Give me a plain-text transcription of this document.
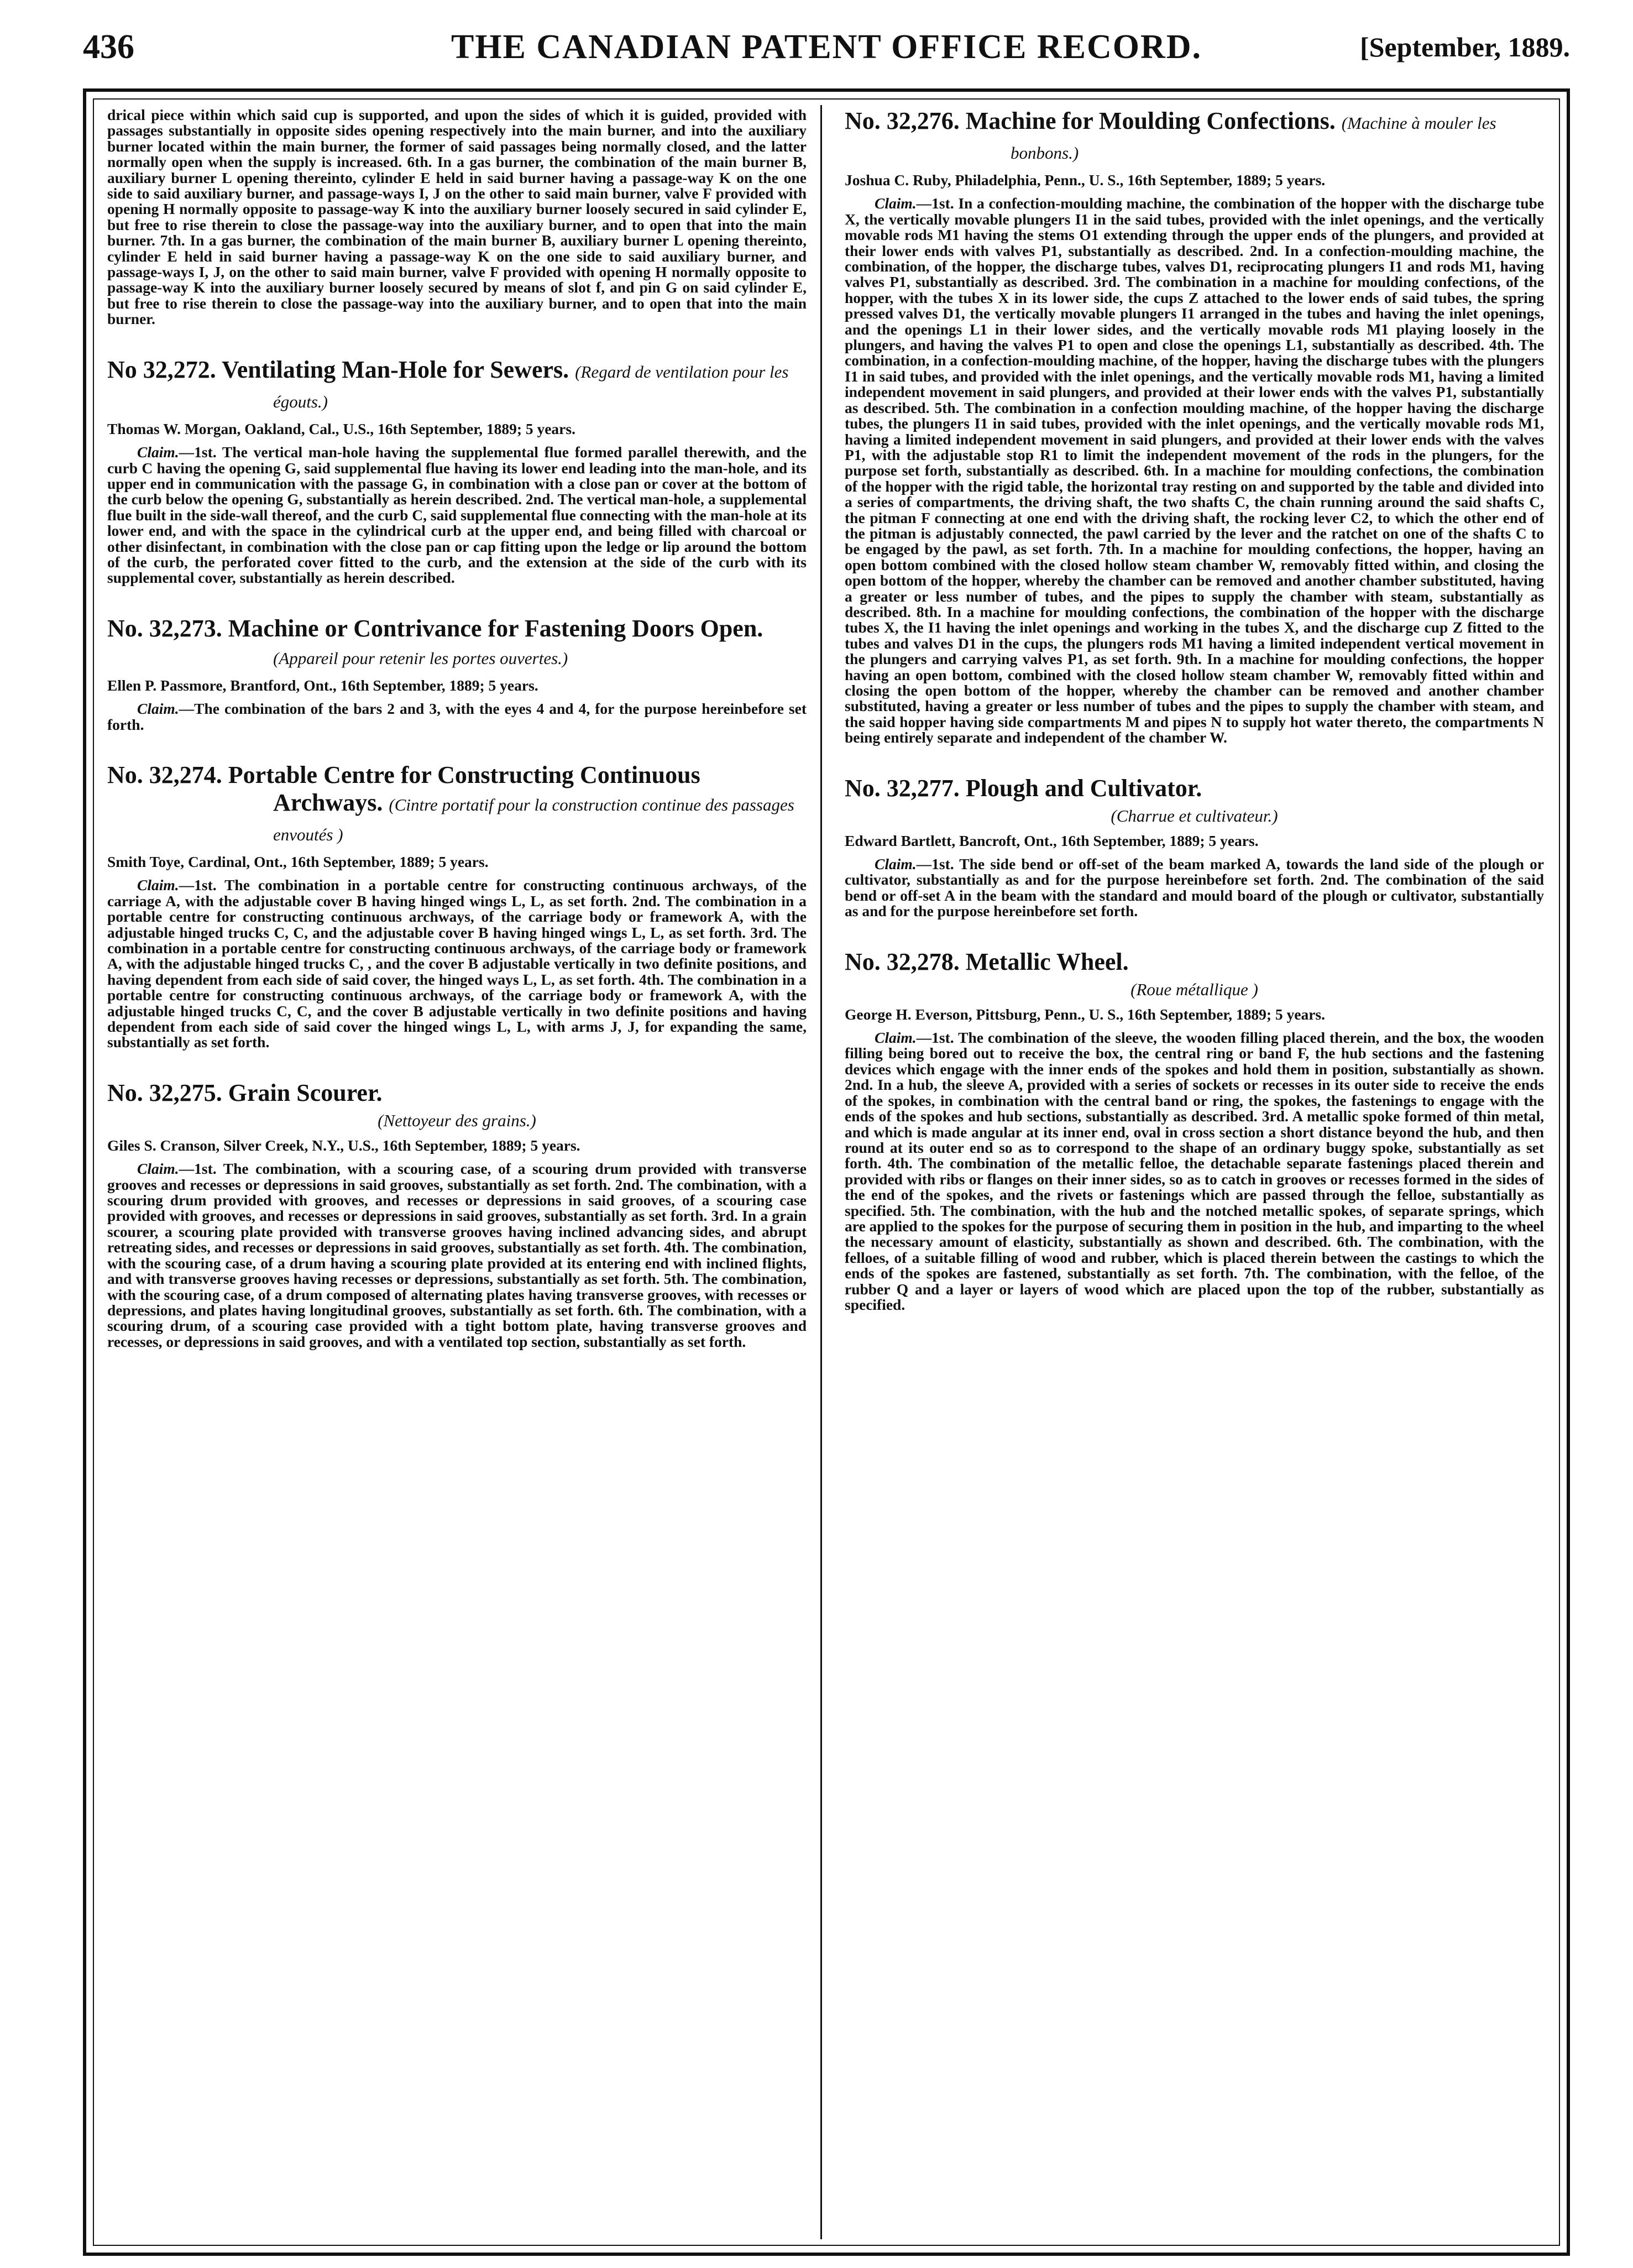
436	THE CANADIAN PATENT OFFICE RECORD.	[September, 1889.

drical piece within which said cup is supported, and upon the sides of which it is guided, provided with passages substantially in opposite sides opening respectively into the main burner, and into the auxiliary burner located within the main burner, the former of said passages being normally closed, and the latter normally open when the supply is increased. 6th. In a gas burner, the combination of the main burner B, auxiliary burner L opening thereinto, cylinder E held in said burner having a passage-way K on the one side to said auxiliary burner, and passage-ways I, J on the other to said main burner, valve F provided with opening H normally opposite to passage-way K into the auxiliary burner loosely secured in said cylinder E, but free to rise therein to close the passage-way into the auxiliary burner, and to open that into the main burner. 7th. In a gas burner, the combination of the main burner B, auxiliary burner L opening thereinto, cylinder E held in said burner having a passage-way K on the one side to said auxiliary burner, and passage-ways I, J, on the other to said main burner, valve F provided with opening H normally opposite to passage-way K into the auxiliary burner loosely secured by means of slot f, and pin G on said cylinder E, but free to rise therein to close the passage-way into the auxiliary burner, and to open that into the main burner.

No 32,272. Ventilating Man-Hole for Sewers. (Regard de ventilation pour les égouts.)

Thomas W. Morgan, Oakland, Cal., U.S., 16th September, 1889; 5 years.

Claim.—1st. The vertical man-hole having the supplemental flue formed parallel therewith, and the curb C having the opening G, said supplemental flue having its lower end leading into the man-hole, and its upper end in communication with the passage G, in combination with a close pan or cover at the bottom of the curb below the opening G, substantially as herein described. 2nd. The vertical man-hole, a supplemental flue built in the side-wall thereof, and the curb C, said supplemental flue connecting with the man-hole at its lower end, and with the space in the cylindrical curb at the upper end, and being filled with charcoal or other disinfectant, in combination with the close pan or cap fitting upon the ledge or lip around the bottom of the curb, the perforated cover fitted to the curb, and the extension at the side of the curb with its supplemental cover, substantially as herein described.

No. 32,273. Machine or Contrivance for Fastening Doors Open. (Appareil pour retenir les portes ouvertes.)

Ellen P. Passmore, Brantford, Ont., 16th September, 1889; 5 years.

Claim.—The combination of the bars 2 and 3, with the eyes 4 and 4, for the purpose hereinbefore set forth.

No. 32,274. Portable Centre for Constructing Continuous Archways. (Cintre portatif pour la construction continue des passages envoutés )

Smith Toye, Cardinal, Ont., 16th September, 1889; 5 years.

Claim.—1st. The combination in a portable centre for constructing continuous archways, of the carriage A, with the adjustable cover B having hinged wings L, L, as set forth. 2nd. The combination in a portable centre for constructing continuous archways, of the carriage body or framework A, with the adjustable hinged trucks C, C, and the adjustable cover B having hinged wings L, L, as set forth. 3rd. The combination in a portable centre for constructing continuous archways, of the carriage body or framework A, with the adjustable hinged trucks C, , and the cover B adjustable vertically in two definite positions, and having dependent from each side of said cover, the hinged ways L, L, as set forth. 4th. The combination in a portable centre for constructing continuous archways, of the carriage body or framework A, with the adjustable hinged trucks C, C, and the cover B adjustable vertically in two definite positions and having dependent from each side of said cover the hinged wings L, L, with arms J, J, for expanding the same, substantially as set forth.

No. 32,275. Grain Scourer.
(Nettoyeur des grains.)

Giles S. Cranson, Silver Creek, N.Y., U.S., 16th September, 1889; 5 years.

Claim.—1st. The combination, with a scouring case, of a scouring drum provided with transverse grooves and recesses or depressions in said grooves, substantially as set forth. 2nd. The combination, with a scouring drum provided with grooves, and recesses or depressions in said grooves, of a scouring case provided with grooves, and recesses or depressions in said grooves, substantially as set forth. 3rd. In a grain scourer, a scouring plate provided with transverse grooves having inclined advancing sides, and abrupt retreating sides, and recesses or depressions in said grooves, substantially as set forth. 4th. The combination, with the scouring case, of a drum having a scouring plate provided at its entering end with inclined flights, and with transverse grooves having recesses or depressions, substantially as set forth. 5th. The combination, with the scouring case, of a drum composed of alternating plates having transverse grooves, with recesses or depressions, and plates having longitudinal grooves, substantially as set forth. 6th. The combination, with a scouring drum, of a scouring case provided with a tight bottom plate, having transverse grooves and recesses, or depressions in said grooves, and with a ventilated top section, substantially as set forth.

No. 32,276. Machine for Moulding Confections. (Machine à mouler les bonbons.)

Joshua C. Ruby, Philadelphia, Penn., U. S., 16th September, 1889; 5 years.

Claim.—1st. In a confection-moulding machine, the combination of the hopper with the discharge tube X, the vertically movable plungers I1 in the said tubes, provided with the inlet openings, and the vertically movable rods M1 having the stems O1 extending through the upper ends of the plungers, and provided at their lower ends with valves P1, substantially as described. 2nd. In a confection-moulding machine, the combination, of the hopper, the discharge tubes, valves D1, reciprocating plungers I1 and rods M1, having valves P1, substantially as described. 3rd. The combination in a machine for moulding confections, of the hopper, with the tubes X in its lower side, the cups Z attached to the lower ends of said tubes, the spring pressed valves D1, the vertically movable plungers I1 arranged in the tubes and having the inlet openings, and the openings L1 in their lower sides, and the vertically movable rods M1 playing loosely in the plungers, and having the valves P1 to open and close the openings L1, substantially as described. 4th. The combination, in a confection-moulding machine, of the hopper, having the discharge tubes with the plungers I1 in said tubes, and provided with the inlet openings, and the vertically movable rods M1, having a limited independent movement in said plungers, and provided at their lower ends with the valves P1, substantially as described. 5th. The combination in a confection moulding machine, of the hopper having the discharge tubes, the plungers I1 in said tubes, provided with the inlet openings, and the vertically movable rods M1, having a limited independent movement in said plungers, and provided at their lower ends with the valves P1, with the adjustable stop R1 to limit the independent movement of the rods in the plungers, for the purpose set forth, substantially as described. 6th. In a machine for moulding confections, the combination of the hopper with the rigid table, the horizontal tray resting on and supported by the table and divided into a series of compartments, the driving shaft, the two shafts C, the chain running around the said shafts C, the pitman F connecting at one end with the driving shaft, the rocking lever C2, to which the other end of the pitman is adjustably connected, the pawl carried by the lever and the ratchet on one of the shafts C to be engaged by the pawl, as set forth. 7th. In a machine for moulding confections, the hopper, having an open bottom combined with the closed hollow steam chamber W, removably fitted within, and closing the open bottom of the hopper, whereby the chamber can be removed and another chamber substituted, having a greater or less number of tubes, and the pipes to supply the chamber with steam, substantially as described. 8th. In a machine for moulding confections, the combination of the hopper with the discharge tubes X, the I1 having the inlet openings and working in the tubes X, and the discharge cup Z fitted to the tubes and valves D1 in the cups, the plungers rods M1 having a limited independent vertical movement in the plungers and carrying valves P1, as set forth. 9th. In a machine for moulding confections, the hopper having an open bottom, combined with the closed hollow steam chamber W, removably fitted within and closing the open bottom of the hopper, whereby the chamber can be removed and another chamber substituted, having a greater or less number of tubes and the pipes to supply the chamber with steam, and the said hopper having side compartments M and pipes N to supply hot water thereto, the compartments N being entirely separate and independent of the chamber W.

No. 32,277. Plough and Cultivator.
(Charrue et cultivateur.)

Edward Bartlett, Bancroft, Ont., 16th September, 1889; 5 years.

Claim.—1st. The side bend or off-set of the beam marked A, towards the land side of the plough or cultivator, substantially as and for the purpose hereinbefore set forth. 2nd. The combination of the said bend or off-set A in the beam with the standard and mould board of the plough or cultivator, substantially as and for the purpose hereinbefore set forth.

No. 32,278. Metallic Wheel.
(Roue métallique )

George H. Everson, Pittsburg, Penn., U. S., 16th September, 1889; 5 years.

Claim.—1st. The combination of the sleeve, the wooden filling placed therein, and the box, the wooden filling being bored out to receive the box, the central ring or band F, the hub sections and the fastening devices which engage with the inner ends of the spokes and hold them in position, substantially as shown. 2nd. In a hub, the sleeve A, provided with a series of sockets or recesses in its outer side to receive the ends of the spokes, in combination with the central band or ring, the spokes, the fastenings to engage with the ends of the spokes and hub sections, substantially as described. 3rd. A metallic spoke formed of thin metal, and which is made angular at its inner end, oval in cross section a short distance beyond the hub, and then round at its outer end so as to correspond to the shape of an ordinary buggy spoke, substantially as set forth. 4th. The combination of the metallic felloe, the detachable separate fastenings placed therein and provided with ribs or flanges on their inner sides, so as to catch in grooves or recesses formed in the sides of the end of the spokes, and the rivets or fastenings which are passed through the felloe, substantially as specified. 5th. The combination, with the hub and the notched metallic spokes, of separate springs, which are applied to the spokes for the purpose of securing them in position in the hub, and imparting to the wheel the necessary amount of elasticity, substantially as shown and described. 6th. The combination, with the felloes, of a suitable filling of wood and rubber, which is placed therein between the castings to which the ends of the spokes are fastened, substantially as set forth. 7th. The combination, with the felloe, of the rubber Q and a layer or layers of wood which are placed upon the top of the rubber, substantially as specified.
